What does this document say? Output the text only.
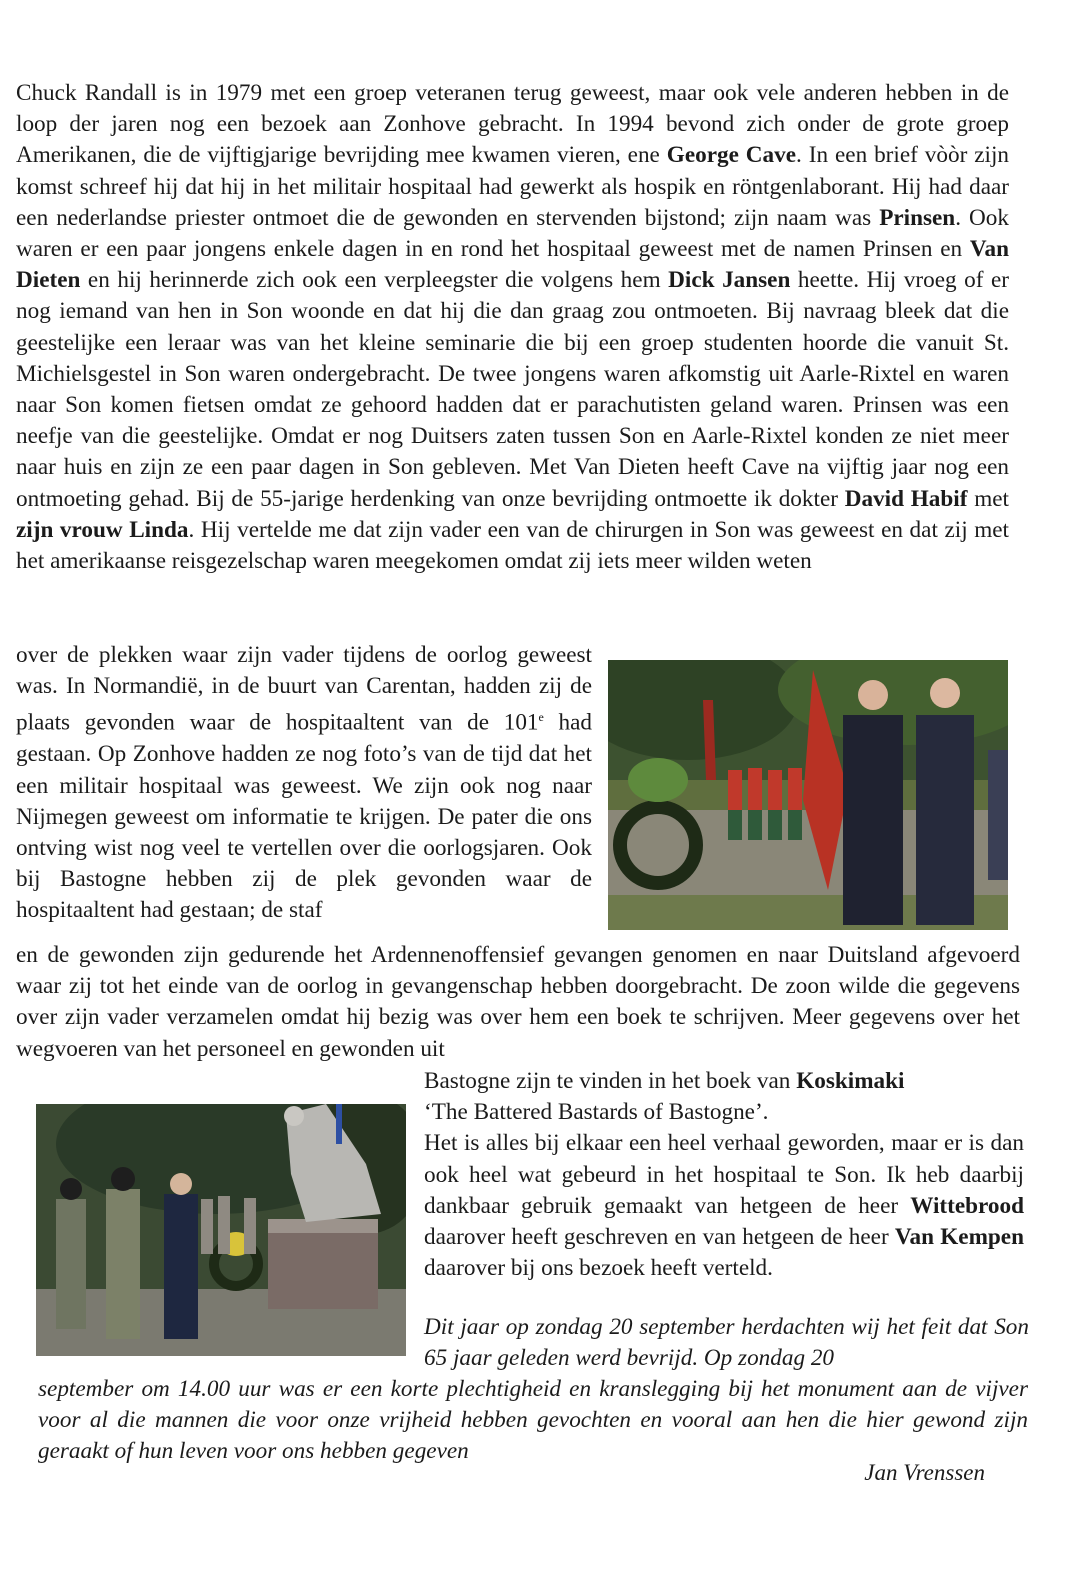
Chuck Randall is in 1979 met een groep veteranen terug geweest, maar ook vele anderen hebben in de loop der jaren nog een bezoek aan Zonhove gebracht. In 1994 bevond zich onder de grote groep Amerikanen, die de vijftigjarige bevrijding mee kwamen vieren, ene George Cave. In een brief vòòr zijn komst schreef hij dat hij in het militair hospitaal had gewerkt als hospik en röntgenlaborant. Hij had daar een nederlandse priester ontmoet die de gewonden en stervenden bijstond; zijn naam was Prinsen. Ook waren er een paar jongens enkele dagen in en rond het hospitaal geweest met de namen Prinsen en Van Dieten en hij herinnerde zich ook een verpleegster die volgens hem Dick Jansen heette. Hij vroeg of er nog iemand van hen in Son woonde en dat hij die dan graag zou ontmoeten. Bij navraag bleek dat die geestelijke een leraar was van het kleine seminarie die bij een groep studenten hoorde die vanuit St. Michielsgestel in Son waren ondergebracht. De twee jongens waren afkomstig uit Aarle-Rixtel en waren naar Son komen fietsen omdat ze gehoord hadden dat er parachutisten geland waren. Prinsen was een neefje van die geestelijke. Omdat er nog Duitsers zaten tussen Son en Aarle-Rixtel konden ze niet meer naar huis en zijn ze een paar dagen in Son gebleven. Met Van Dieten heeft Cave na vijftig jaar nog een ontmoeting gehad. Bij de 55-jarige herdenking van onze bevrijding ontmoette ik dokter David Habif met zijn vrouw Linda. Hij vertelde me dat zijn vader een van de chirurgen in Son was geweest en dat zij met het amerikaanse reisgezelschap waren meegekomen omdat zij iets meer wilden weten

over de plekken waar zijn vader tijdens de oorlog geweest was. In Normandië, in de buurt van Carentan, hadden zij de plaats gevonden waar de hospitaaltent van de 101e had gestaan. Op Zonhove hadden ze nog foto’s van de tijd dat het een militair hospitaal was geweest. We zijn ook nog naar Nijmegen geweest om informatie te krijgen. De pater die ons ontving wist nog veel te vertellen over die oorlogsjaren. Ook bij Bastogne hebben zij de plek gevonden waar de hospitaaltent had gestaan; de staf

en de gewonden zijn gedurende het Ardennenoffensief gevangen genomen en naar Duitsland afgevoerd waar zij tot het einde van de oorlog in gevangenschap hebben doorgebracht. De zoon wilde die gegevens over zijn vader verzamelen omdat hij bezig was over hem een boek te schrijven. Meer gegevens over het wegvoeren van het personeel en gewonden uit

Bastogne zijn te vinden in het boek van Koskimaki
‘The Battered Bastards of Bastogne’.
Het is alles bij elkaar een heel verhaal geworden, maar er is dan ook heel wat gebeurd in het hospitaal te Son. Ik heb daarbij dankbaar gebruik gemaakt van hetgeen de heer Wittebrood daarover heeft geschreven en van hetgeen de heer Van Kempen daarover bij ons bezoek heeft verteld.

Dit jaar op zondag 20 september herdachten wij het feit dat Son 65 jaar geleden werd bevrijd. Op zondag 20

september om 14.00 uur was er een korte plechtigheid en kranslegging bij het monument aan de vijver voor al die mannen die voor onze vrijheid hebben gevochten en vooral aan hen die hier gewond zijn geraakt of hun leven voor ons hebben gegeven

Jan Vrenssen
